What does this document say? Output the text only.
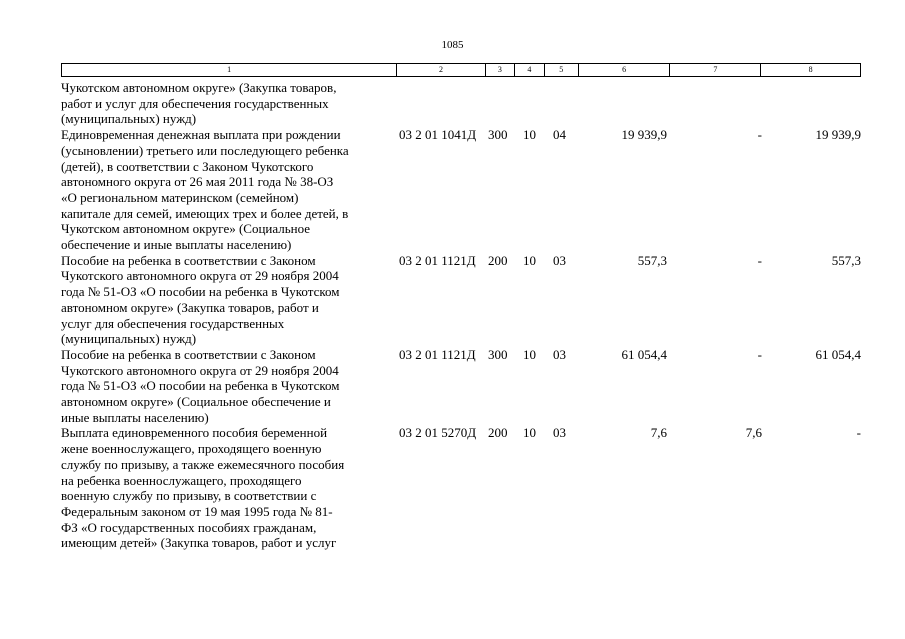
1085
1	2	3	4	5	6	7	8
Чукотском автономном округе» (Закупка товаров,
работ и услуг для обеспечения государственных
(муниципальных) нужд)
Единовременная денежная выплата при рождении
(усыновлении) третьего или последующего ребенка
(детей), в соответствии с Законом Чукотского
автономного округа от 26 мая 2011 года № 38-ОЗ
«О региональном материнском (семейном)
капитале для семей, имеющих трех и более детей, в
Чукотском автономном округе» (Социальное
обеспечение и иные выплаты населению)
03 2 01 1041Д 300	10	04	19 939,9	-	19 939,9
Пособие на ребенка в соответствии с Законом
Чукотского автономного округа от 29 ноября 2004
года № 51-ОЗ «О пособии на ребенка в Чукотском
автономном округе» (Закупка товаров, работ и
услуг для обеспечения государственных
(муниципальных) нужд)
03 2 01 1121Д 200	10	03	557,3	-	557,3
Пособие на ребенка в соответствии с Законом
Чукотского автономного округа от 29 ноября 2004
года № 51-ОЗ «О пособии на ребенка в Чукотском
автономном округе» (Социальное обеспечение и
иные выплаты населению)
03 2 01 1121Д 300	10	03	61 054,4	-	61 054,4
Выплата единовременного пособия беременной
жене военнослужащего, проходящего военную
службу по призыву, а также ежемесячного пособия
на ребенка военнослужащего, проходящего
военную службу по призыву, в соответствии с
Федеральным законом от 19 мая 1995 года № 81-
ФЗ «О государственных пособиях гражданам,
имеющим детей» (Закупка товаров, работ и услуг
03 2 01 5270Д 200	10	03	7,6	7,6	-
